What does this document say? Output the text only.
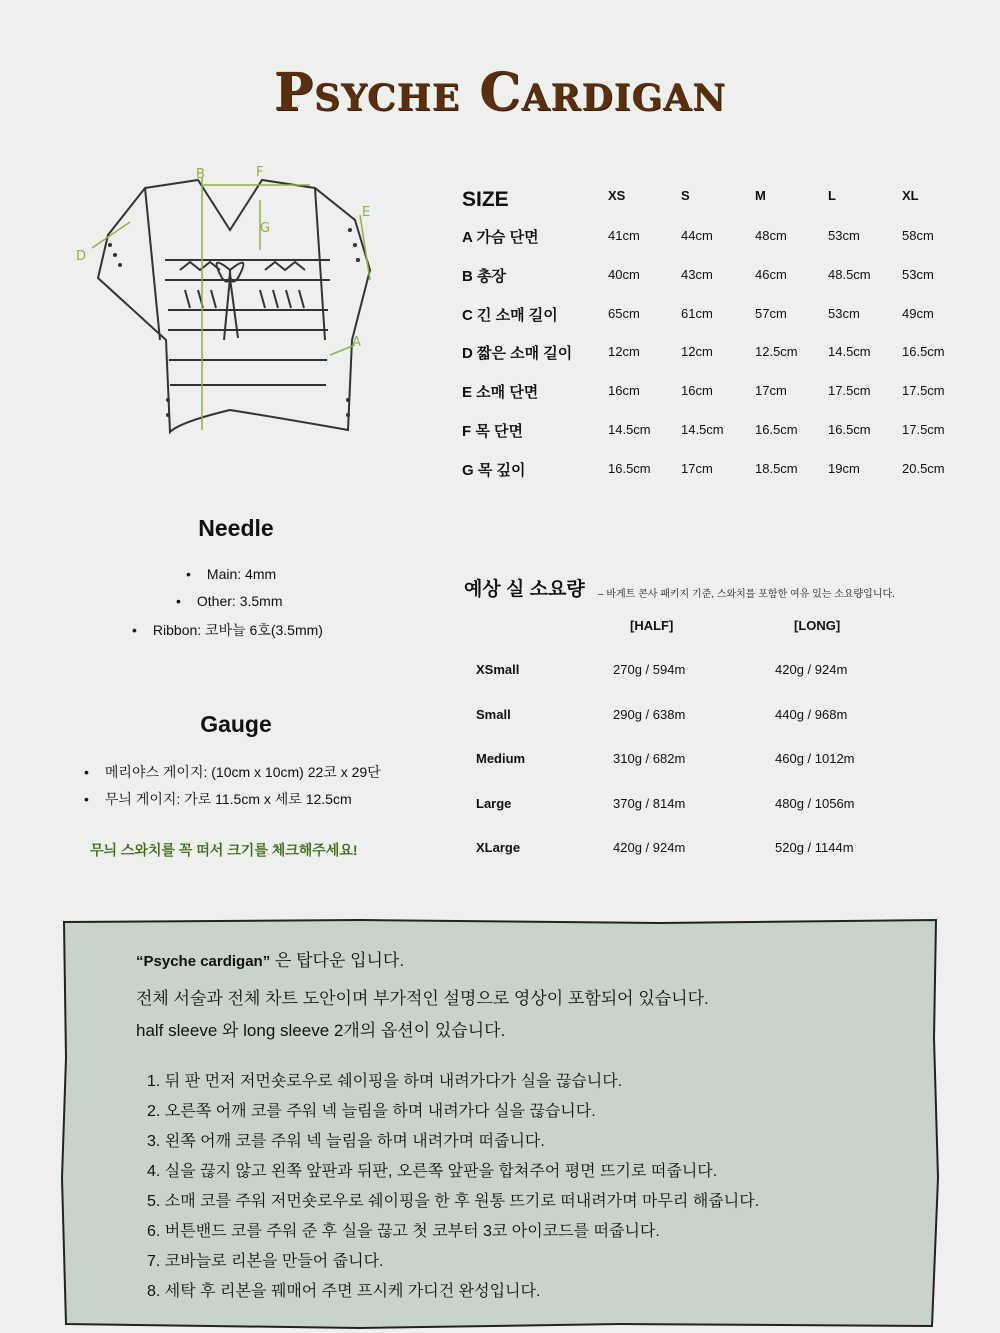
Psyche Cardigan
B	F
E
G
D
A
SIZE	XS	S	M	L	XL
A 가슴 단면	41cm	44cm	48cm	53cm	58cm
B 총장	40cm	43cm	46cm	48.5cm 53cm
C 긴 소매 길이	65cm	61cm	57cm	53cm	49cm
D 짧은 소매 길이	12cm	12cm	12.5cm 14.5cm 16.5cm
E 소매 단면	16cm	16cm	17cm	17.5cm 17.5cm
F 목 단면	14.5cm 14.5cm 16.5cm 16.5cm 17.5cm
G 목 깊이	16.5cm 17cm	18.5cm 19cm	20.5cm
Needle
• Main: 4mm
• Other: 3.5mm
• Ribbon: 코바늘 6호(3.5mm)
Gauge
• 메리야스 게이지: (10cm x 10cm) 22코 x 29단
• 무늬 게이지: 가로 11.5cm x 세로 12.5cm
무늬 스와치를 꼭 떠서 크기를 체크해주세요!
예상 실 소요량 – 바게트 콘사 패키지 기준, 스와치를 포함한 여유 있는 소요량입니다.
[HALF]	[LONG]
XSmall	270g / 594m	420g / 924m
Small	290g / 638m	440g / 968m
Medium	310g / 682m	460g / 1012m
Large	370g / 814m	480g / 1056m
XLarge	420g / 924m	520g / 1144m
“Psyche cardigan” 은 탑다운 입니다.
전체 서술과 전체 차트 도안이며 부가적인 설명으로 영상이 포함되어 있습니다.
half sleeve 와 long sleeve 2개의 옵션이 있습니다.
1. 뒤 판 먼저 저먼숏로우로 쉐이핑을 하며 내려가다가 실을 끊습니다.
2. 오른쪽 어깨 코를 주워 넥 늘림을 하며 내려가다 실을 끊습니다.
3. 왼쪽 어깨 코를 주워 넥 늘림을 하며 내려가며 떠줍니다.
4. 실을 끊지 않고 왼쪽 앞판과 뒤판, 오른쪽 앞판을 합쳐주어 평면 뜨기로 떠줍니다.
5. 소매 코를 주워 저먼숏로우로 쉐이핑을 한 후 원통 뜨기로 떠내려가며 마무리 해줍니다.
6. 버튼밴드 코를 주워 준 후 실을 끊고 첫 코부터 3코 아이코드를 떠줍니다.
7. 코바늘로 리본을 만들어 줍니다.
8. 세탁 후 리본을 꿰매어 주면 프시케 가디건 완성입니다.
